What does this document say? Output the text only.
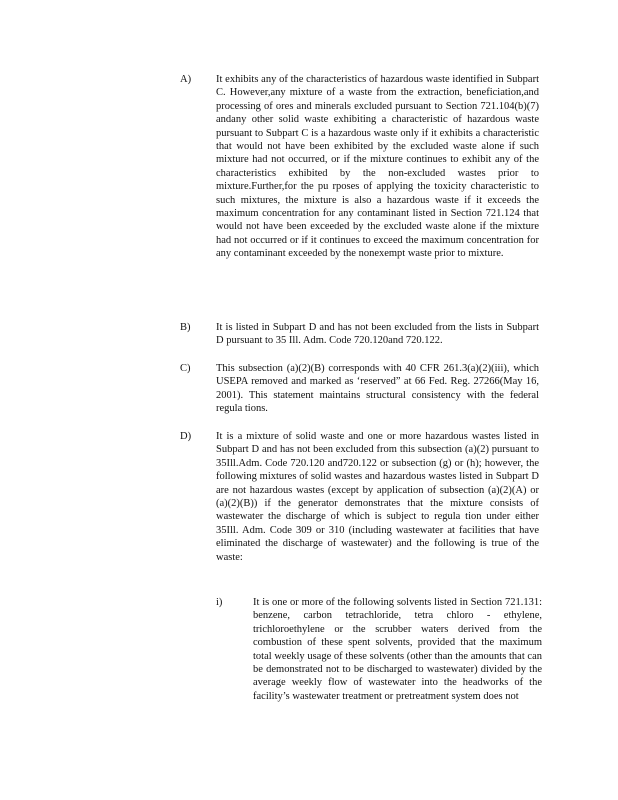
A)	It exhibits any of the characteristics of hazardous waste identified in Subpart C. However,any mixture of a waste from the extraction, beneficiation,and processing of ores and minerals excluded pursuant to Section 721.104(b)(7) andany other solid waste exhibiting a characteristic of hazardous waste pursuant to Subpart C is a hazardous waste only if it exhibits a characteristic that would not have been exhibited by the excluded waste alone if such mixture had not occurred, or if the mixture continues to exhibit any of the characteristics exhibited by the non-excluded wastes prior to mixture.Further,for the pu rposes of applying the toxicity characteristic to such mixtures, the mixture is also a hazardous waste if it exceeds the maximum concentration for any contaminant listed in Section 721.124 that would not have been exceeded by the excluded waste alone if the mixture had not occurred or if it continues to exceed the maximum concentration for any contaminant exceeded by the nonexempt waste prior to mixture.

B)	It is listed in Subpart D and has not been excluded from the lists in Subpart D pursuant to 35 Ill. Adm. Code 720.120and 720.122.

C)	This subsection (a)(2)(B) corresponds with 40 CFR 261.3(a)(2)(iii), which USEPA removed and marked as ‘reserved” at 66 Fed. Reg. 27266(May 16, 2001). This statement maintains structural consistency with the federal regula tions.

D)	It is a mixture of solid waste and one or more hazardous wastes listed in Subpart D and has not been excluded from this subsection (a)(2) pursuant to 35Ill.Adm. Code 720.120 and720.122 or subsection (g) or (h); however, the following mixtures of solid wastes and hazardous wastes listed in Subpart D are not hazardous wastes (except by application of subsection (a)(2)(A) or (a)(2)(B)) if the generator demonstrates that the mixture consists of wastewater the discharge of which is subject to regula tion under either 35Ill. Adm. Code 309 or 310 (including wastewater at facilities that have eliminated the discharge of wastewater) and the following is true of the waste:

i)	It is one or more of the following solvents listed in Section 721.131: benzene, carbon tetrachloride, tetra chloro - ethylene, trichloroethylene or the scrubber waters derived from the combustion of these spent solvents, provided that the maximum total weekly usage of these solvents (other than the amounts that can be demonstrated not to be discharged to wastewater) divided by the average weekly flow of wastewater into the headworks of the facility’s wastewater treatment or pretreatment system does not
